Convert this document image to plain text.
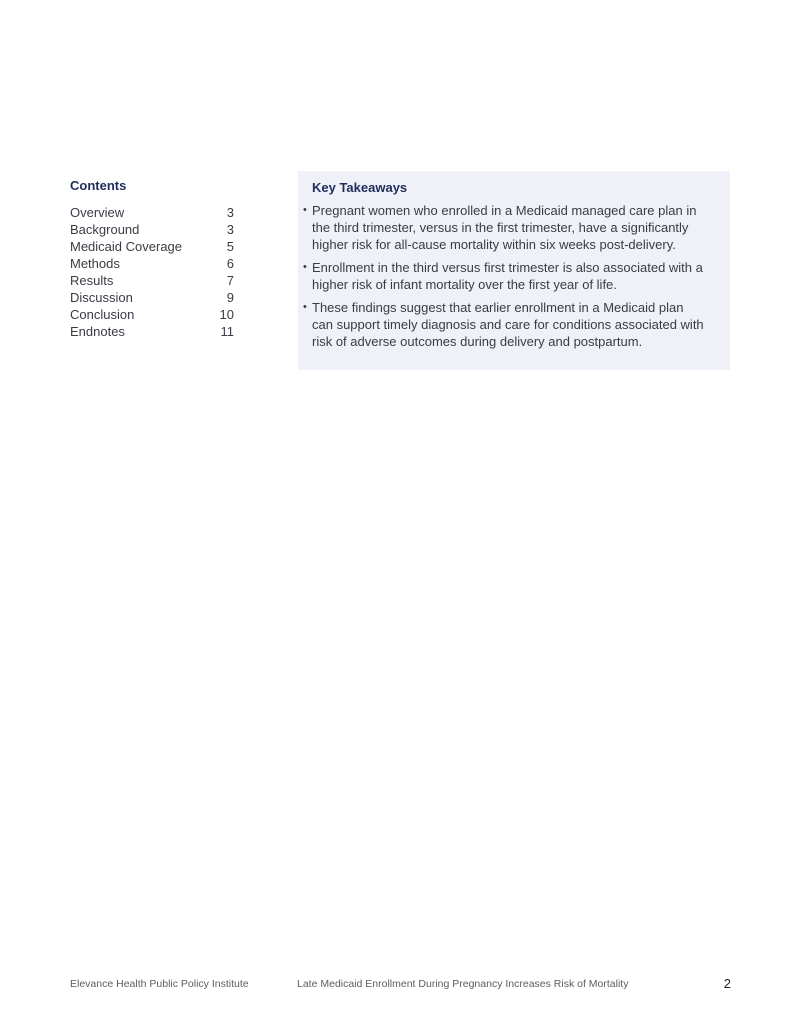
Contents
Overview	3
Background	3
Medicaid Coverage	5
Methods	6
Results	7
Discussion	9
Conclusion	10
Endnotes	11
Key Takeaways
• Pregnant women who enrolled in a Medicaid managed care plan in the third trimester, versus in the first trimester, have a significantly higher risk for all-cause mortality within six weeks post-delivery.
• Enrollment in the third versus first trimester is also associated with a higher risk of infant mortality over the first year of life.
• These findings suggest that earlier enrollment in a Medicaid plan can support timely diagnosis and care for conditions associated with risk of adverse outcomes during delivery and postpartum.
Elevance Health Public Policy Institute	Late Medicaid Enrollment During Pregnancy Increases Risk of Mortality	2
